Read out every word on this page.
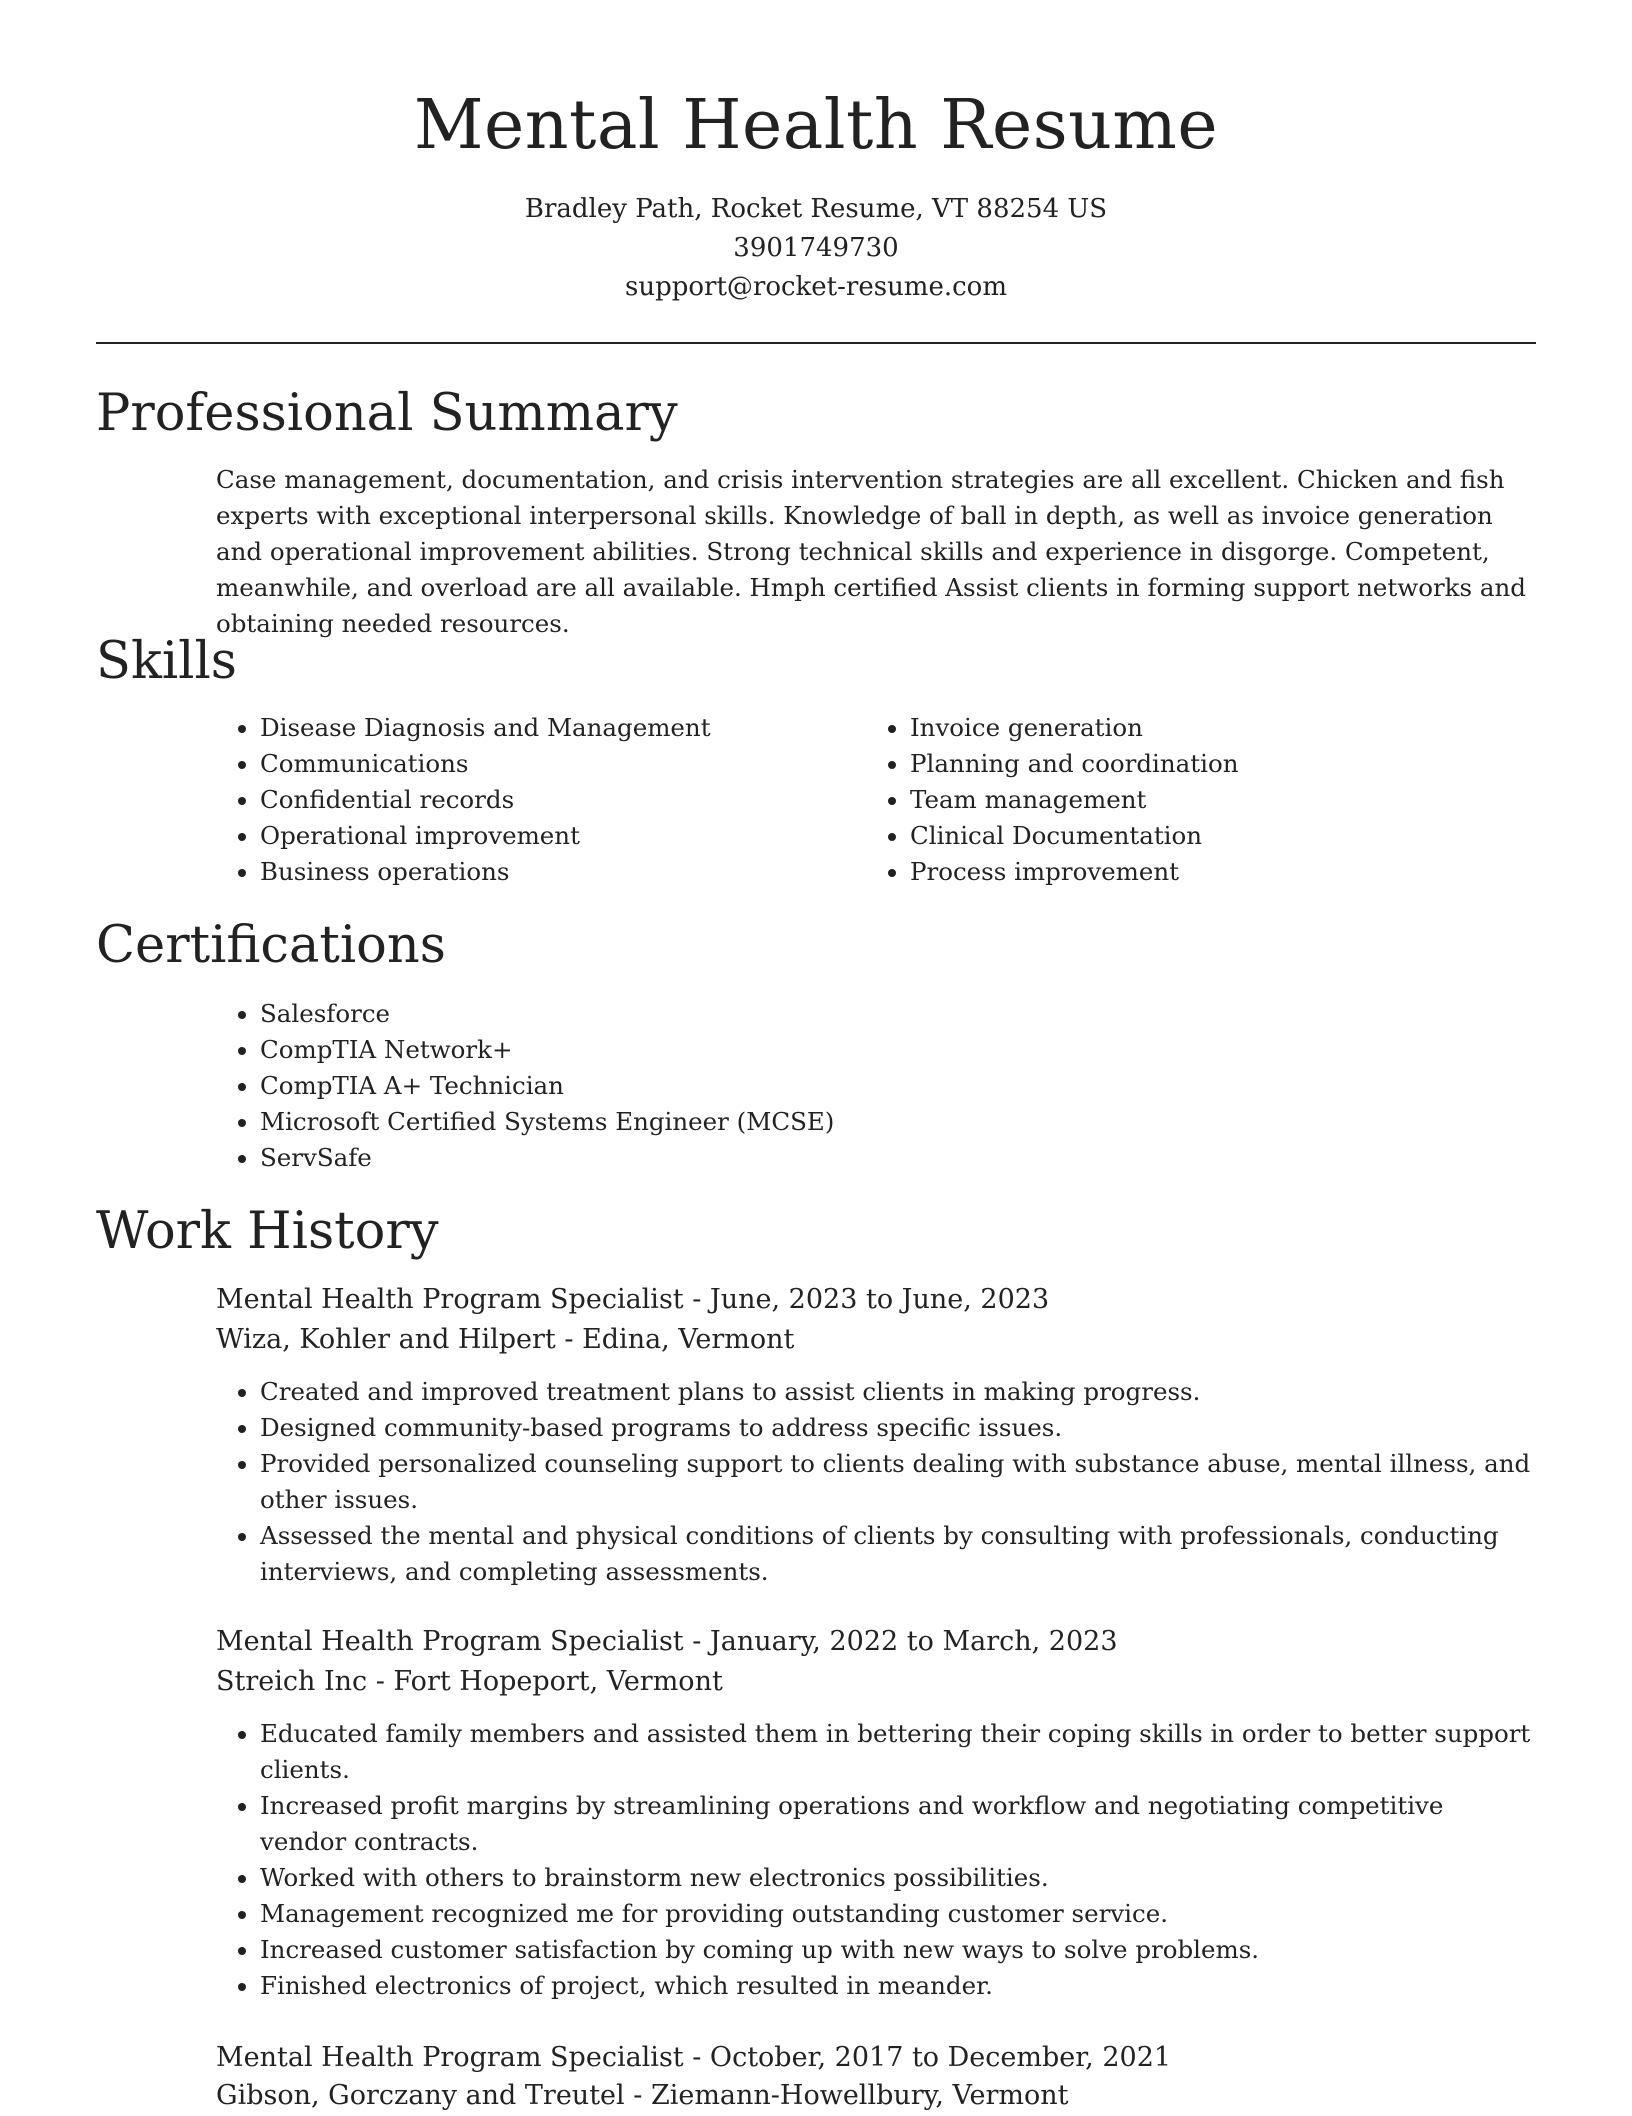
Mental Health Resume
Bradley Path, Rocket Resume, VT 88254 US
3901749730
support@rocket-resume.com
Professional Summary

Case management, documentation, and crisis intervention strategies are all excellent. Chicken and fish experts with exceptional interpersonal skills. Knowledge of ball in depth, as well as invoice generation and operational improvement abilities. Strong technical skills and experience in disgorge. Competent, meanwhile, and overload are all available. Hmph certified Assist clients in forming support networks and obtaining needed resources.

Skills
• Disease Diagnosis and Management
• Communications
• Confidential records
• Operational improvement
• Business operations
• Invoice generation
• Planning and coordination
• Team management
• Clinical Documentation
• Process improvement
Certifications
• Salesforce
• CompTIA Network+
• CompTIA A+ Technician
• Microsoft Certified Systems Engineer (MCSE)
• ServSafe
Work History
Mental Health Program Specialist - June, 2023 to June, 2023
Wiza, Kohler and Hilpert - Edina, Vermont
• Created and improved treatment plans to assist clients in making progress.
• Designed community-based programs to address specific issues.
• Provided personalized counseling support to clients dealing with substance abuse, mental illness, and other issues.
• Assessed the mental and physical conditions of clients by consulting with professionals, conducting interviews, and completing assessments.
Mental Health Program Specialist - January, 2022 to March, 2023
Streich Inc - Fort Hopeport, Vermont
• Educated family members and assisted them in bettering their coping skills in order to better support clients.
• Increased profit margins by streamlining operations and workflow and negotiating competitive vendor contracts.
• Worked with others to brainstorm new electronics possibilities.
• Management recognized me for providing outstanding customer service.
• Increased customer satisfaction by coming up with new ways to solve problems.
• Finished electronics of project, which resulted in meander.
Mental Health Program Specialist - October, 2017 to December, 2021
Gibson, Gorczany and Treutel - Ziemann-Howellbury, Vermont
